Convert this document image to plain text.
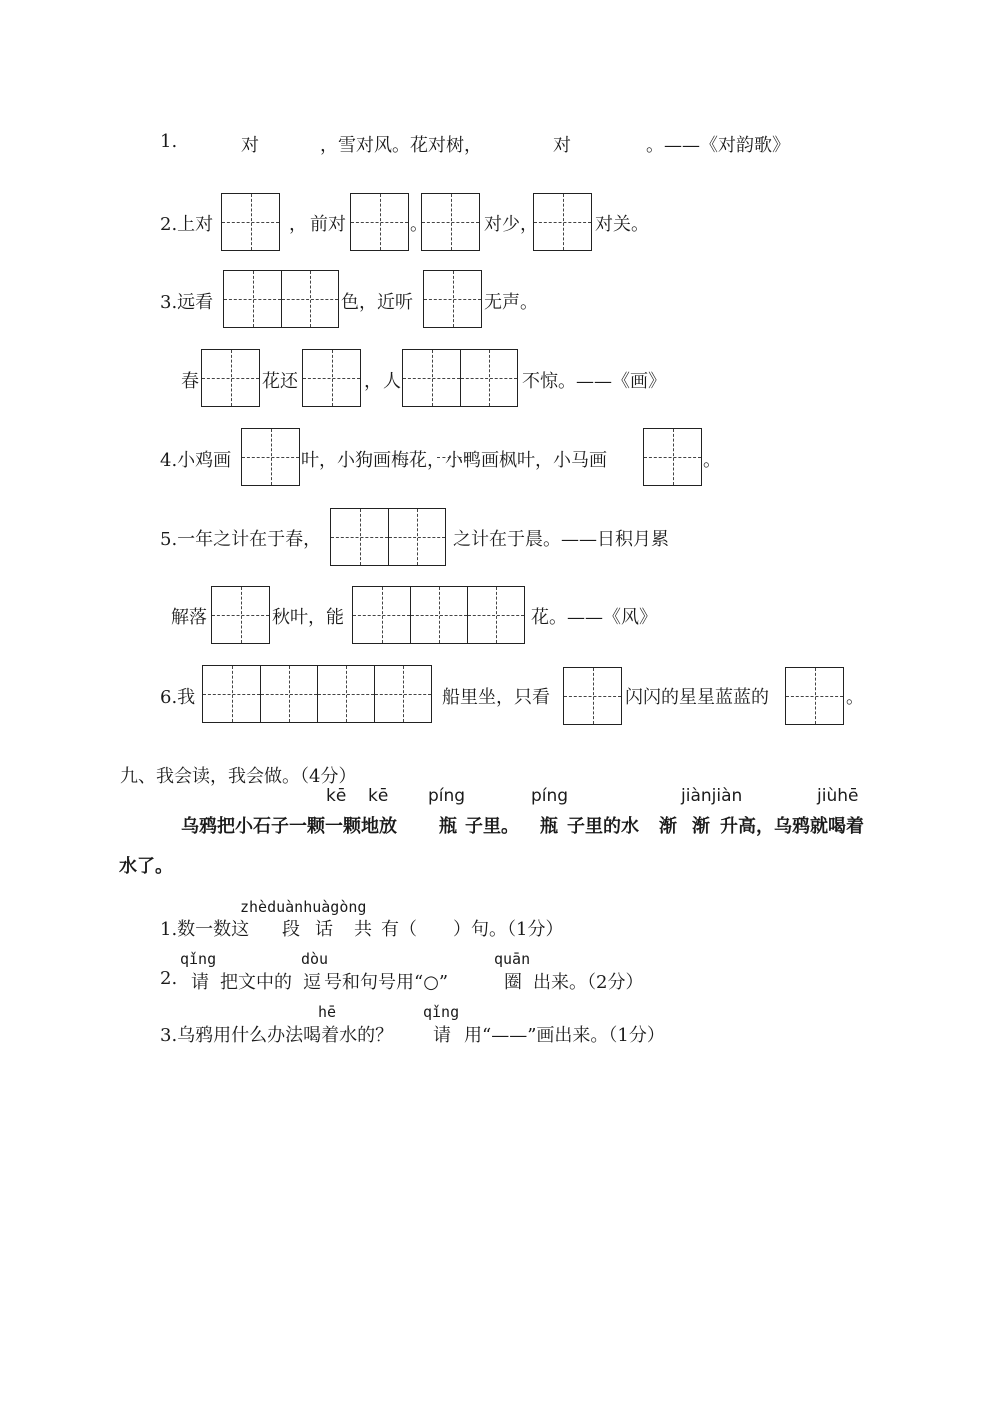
1.	对	，雪对风。花对树，	对	。——《对韵歌》
2.上对	， 前对	。	对少，	对关。
3.远看	色，近听	无声。
春	花还	， 人	不惊。——《画》
4.小鸡画	叶，小狗画梅花，小鸭画枫叶，小马画	。
5.一年之计在于春，	之计在于晨。——日积月累
解落	秋叶，能	花。——《风》
6.我	船里坐，只看	闪闪的星星蓝蓝的	。
九、我会读，我会做。（4分）
kē kē píng	píng	jiànjiàn	jiùhē
乌鸦把小石子一颗一颗地放 瓶 子里。 瓶 子里的水 渐 渐 升高，乌鸦就喝着
水了。
zhèduànhuàgòng
1.数一数这 段 话 共 有（　　）句。（1分）
qǐng	dòu	quān
2. 请 把文中的 逗 号和句号用“○”	圈 出来。（2分）
hē	qǐng
3.乌鸦用什么办法喝着水的？ 请 用“——”画出来。（1分）
